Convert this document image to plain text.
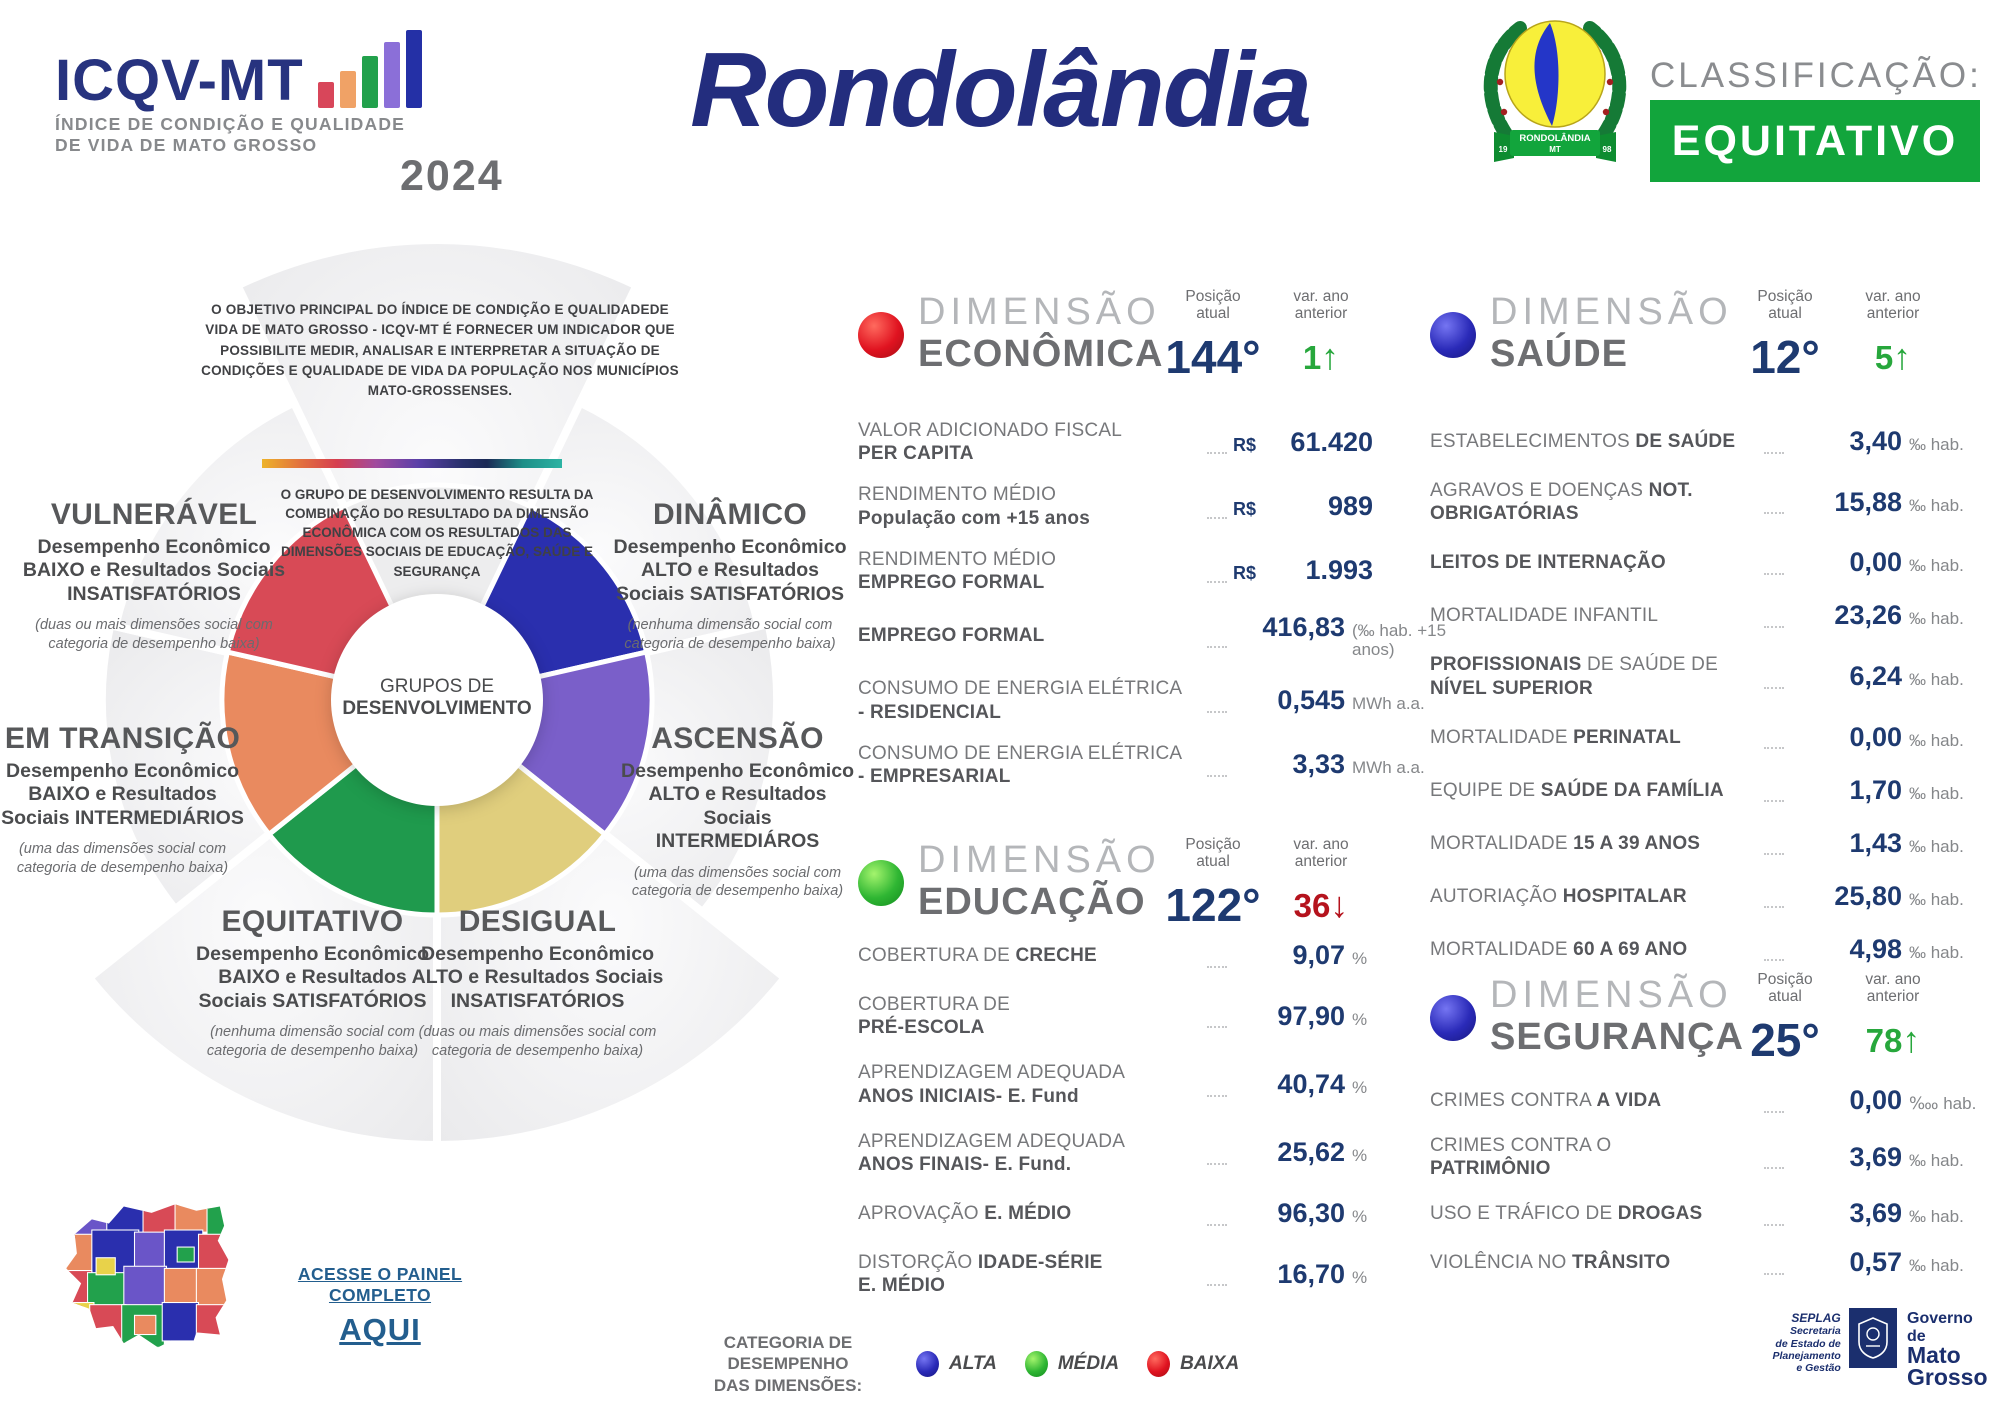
ICQV-MT
ÍNDICE DE CONDIÇÃO E QUALIDADE
DE VIDA DE MATO GROSSO
2024
Rondolândia	RONDOLÂNDIA
MT
19	98
CLASSIFICAÇÃO:
EQUITATIVO
O OBJETIVO PRINCIPAL DO ÍNDICE DE CONDIÇÃO E QUALIDADEDE VIDA DE MATO GROSSO - ICQV-MT É FORNECER UM INDICADOR QUE POSSIBILITE MEDIR, ANALISAR E INTERPRETAR A SITUAÇÃO DE CONDIÇÕES E QUALIDADE DE VIDA DA POPULAÇÃO NOS MUNICÍPIOS MATO-GROSSENSES.
O GRUPO DE DESENVOLVIMENTO RESULTA DA COMBINAÇÃO DO RESULTADO DA DIMENSÃO ECONÔMICA COM OS RESULTADOS DAS DIMENSÕES SOCIAIS DE EDUCAÇÃO, SAÚDE E SEGURANÇA
GRUPOS DE
DESENVOLVIMENTO
VULNERÁVEL
Desempenho Econômico BAIXO e Resultados Sociais INSATISFATÓRIOS
(duas ou mais dimensões social com categoria de desempenho baixa)
DINÂMICO
Desempenho Econômico ALTO e Resultados Sociais SATISFATÓRIOS
(nenhuma dimensão social com categoria de desempenho baixa)
EM TRANSIÇÃO
Desempenho Econômico BAIXO e Resultados Sociais INTERMEDIÁRIOS
(uma das dimensões social com categoria de desempenho baixa)
ASCENSÃO
Desempenho Econômico ALTO e Resultados Sociais INTERMEDIÁROS
(uma das dimensões social com categoria de desempenho baixa)
EQUITATIVO
Desempenho Econômico BAIXO e Resultados Sociais SATISFATÓRIOS
(nenhuma dimensão social com categoria de desempenho baixa)
DESIGUAL
Desempenho Econômico ALTO e Resultados Sociais INSATISFATÓRIOS
(duas ou mais dimensões social com categoria de desempenho baixa)
DIMENSÃO
ECONÔMICA
Posição
atual
144°
var. ano
anterior
1↑
VALOR ADICIONADO FISCAL
PER CAPITA	R$	61.420
RENDIMENTO MÉDIO
População com +15 anos	R$	989
RENDIMENTO MÉDIO
EMPREGO FORMAL	R$	1.993
EMPREGO FORMAL	416,83 (‰ hab. +15 anos)
CONSUMO DE ENERGIA ELÉTRICA
- RESIDENCIAL	0,545 MWh a.a.
CONSUMO DE ENERGIA ELÉTRICA
- EMPRESARIAL	3,33 MWh a.a.
DIMENSÃO
EDUCAÇÃO
Posição
atual
122°
var. ano
anterior
36↓
COBERTURA DE CRECHE	9,07 %
COBERTURA DE
PRÉ-ESCOLA	97,90 %
APRENDIZAGEM ADEQUADA
ANOS INICIAIS- E. Fund	40,74 %
APRENDIZAGEM ADEQUADA
ANOS FINAIS- E. Fund.	25,62 %
APROVAÇÃO E. MÉDIO	96,30 %
DISTORÇÃO IDADE-SÉRIE
E. MÉDIO	16,70 %
DIMENSÃO
SAÚDE
Posição
atual
12°
var. ano
anterior
5↑
ESTABELECIMENTOS DE SAÚDE	3,40 ‰ hab.
AGRAVOS E DOENÇAS NOT. OBRIGATÓRIAS	15,88 ‰ hab.
LEITOS DE INTERNAÇÃO	0,00 ‰ hab.
MORTALIDADE INFANTIL	23,26 ‰ hab.
PROFISSIONAIS DE SAÚDE DE NÍVEL SUPERIOR	6,24 ‰ hab.
MORTALIDADE PERINATAL	0,00 ‰ hab.
EQUIPE DE SAÚDE DA FAMÍLIA	1,70 ‰ hab.
MORTALIDADE 15 A 39 ANOS	1,43 ‰ hab.
AUTORIAÇÃO HOSPITALAR	25,80 ‰ hab.
MORTALIDADE 60 A 69 ANO	4,98 ‰ hab.
DIMENSÃO
SEGURANÇA
Posição
atual
25°
var. ano
anterior
78↑
CRIMES CONTRA A VIDA	0,00 ‱ hab.
CRIMES CONTRA O
PATRIMÔNIO	3,69 ‰ hab.
USO E TRÁFICO DE DROGAS	3,69 ‰ hab.
VIOLÊNCIA NO TRÂNSITO	0,57 ‰ hab.
ACESSE O PAINEL COMPLETO
AQUI	CATEGORIA DE DESEMPENHO
DAS DIMENSÕES:
ALTA	MÉDIA	BAIXA
SEPLAG
Secretaria
de Estado de
Planejamento
e Gestão
Governo de
Mato
Grosso
